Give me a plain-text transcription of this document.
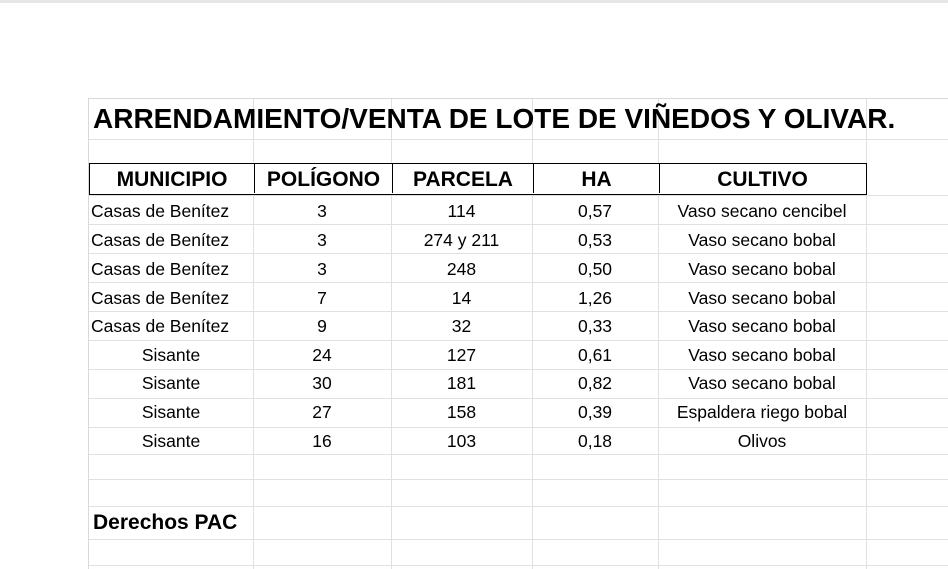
ARRENDAMIENTO/VENTA DE LOTE DE VIÑEDOS Y OLIVAR.
MUNICIPIO	POLÍGONO	PARCELA	HA	CULTIVO
Casas de Benítez	3	114	0,57	Vaso secano cencibel
Casas de Benítez	3	274 y 211	0,53	Vaso secano bobal
Casas de Benítez	3	248	0,50	Vaso secano bobal
Casas de Benítez	7	14	1,26	Vaso secano bobal
Casas de Benítez	9	32	0,33	Vaso secano bobal
Sisante	24	127	0,61	Vaso secano bobal
Sisante	30	181	0,82	Vaso secano bobal
Sisante	27	158	0,39	Espaldera riego bobal
Sisante	16	103	0,18	Olivos
Derechos PAC
